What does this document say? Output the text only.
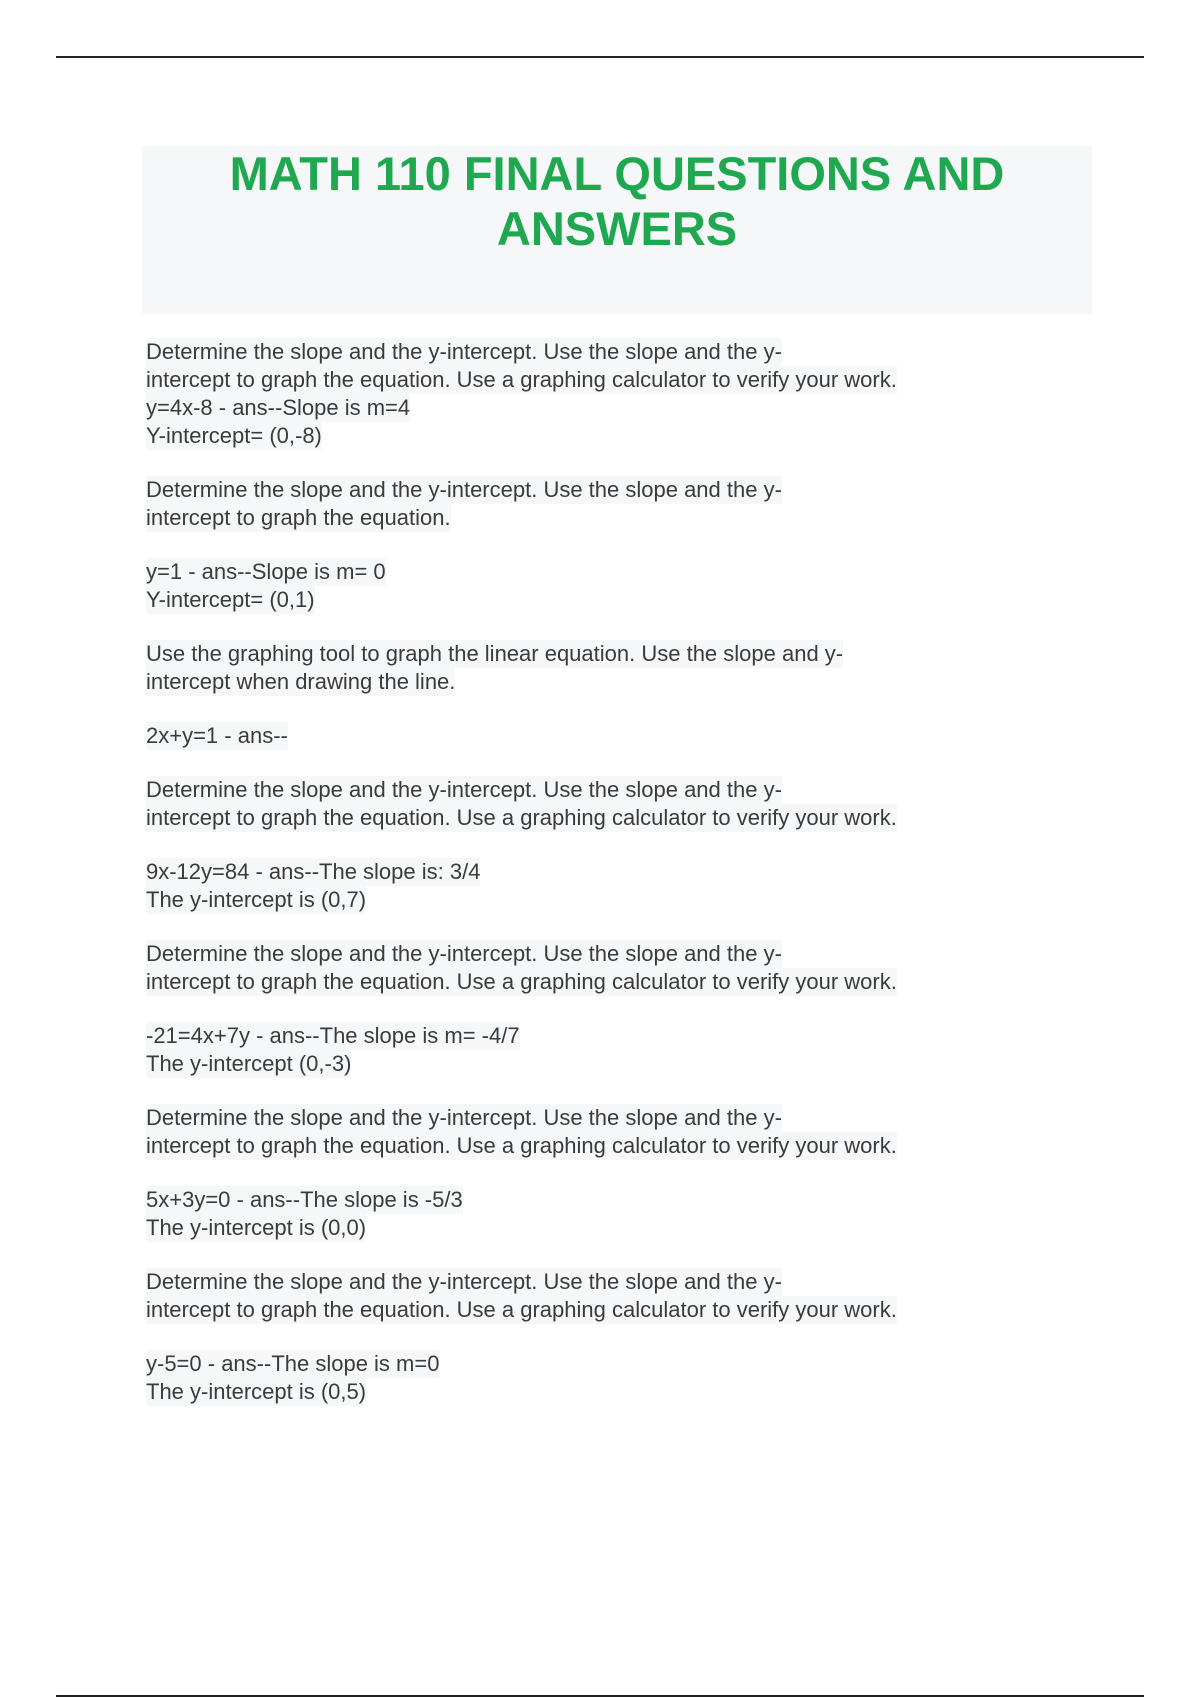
MATH 110 FINAL QUESTIONS AND
ANSWERS
Determine the slope and the y-intercept. Use the slope and the y-
intercept to graph the equation. Use a graphing calculator to verify your work.
y=4x-8 - ans--Slope is m=4
Y-intercept= (0,-8)
Determine the slope and the y-intercept. Use the slope and the y-
intercept to graph the equation.
y=1 - ans--Slope is m= 0
Y-intercept= (0,1)
Use the graphing tool to graph the linear equation. Use the slope and y-
intercept when drawing the line.
2x+y=1 - ans--
Determine the slope and the y-intercept. Use the slope and the y-
intercept to graph the equation. Use a graphing calculator to verify your work.
9x-12y=84 - ans--The slope is: 3/4
The y-intercept is (0,7)
Determine the slope and the y-intercept. Use the slope and the y-
intercept to graph the equation. Use a graphing calculator to verify your work.
-21=4x+7y - ans--The slope is m= -4/7
The y-intercept (0,-3)
Determine the slope and the y-intercept. Use the slope and the y-
intercept to graph the equation. Use a graphing calculator to verify your work.
5x+3y=0 - ans--The slope is -5/3
The y-intercept is (0,0)
Determine the slope and the y-intercept. Use the slope and the y-
intercept to graph the equation. Use a graphing calculator to verify your work.
y-5=0 - ans--The slope is m=0
The y-intercept is (0,5)
